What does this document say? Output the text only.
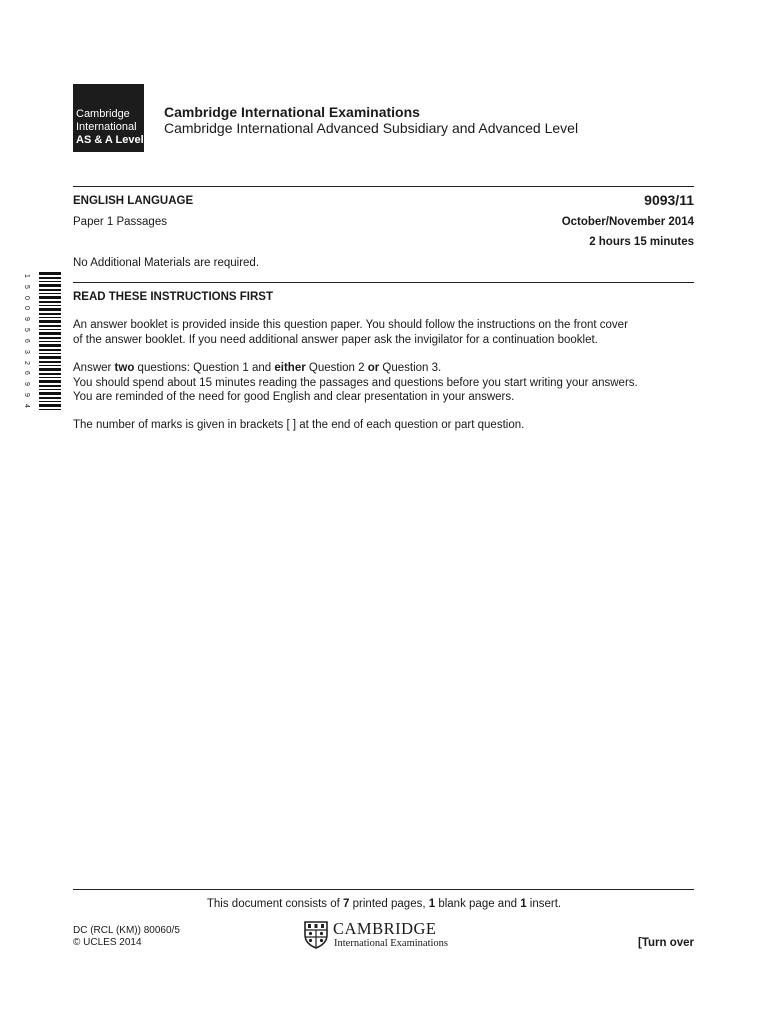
Cambridge
International
AS & A Level
Cambridge International Examinations
Cambridge International Advanced Subsidiary and Advanced Level
ENGLISH LANGUAGE	9093/11
Paper 1 Passages	October/November 2014
2 hours 15 minutes
No Additional Materials are required.
1
5
0
0
9
5
6
3
2
6
9
9
4
READ THESE INSTRUCTIONS FIRST

An answer booklet is provided inside this question paper. You should follow the instructions on the front cover

of the answer booklet. If you need additional answer paper ask the invigilator for a continuation booklet.

Answer two questions: Question 1 and either Question 2 or Question 3.

You should spend about 15 minutes reading the passages and questions before you start writing your answers.

You are reminded of the need for good English and clear presentation in your answers.

The number of marks is given in brackets [ ] at the end of each question or part question.
This document consists of 7 printed pages, 1 blank page and 1 insert.
DC (RCL (KM)) 80060/5
© UCLES 2014
CAMBRIDGE
International Examinations	[Turn over
